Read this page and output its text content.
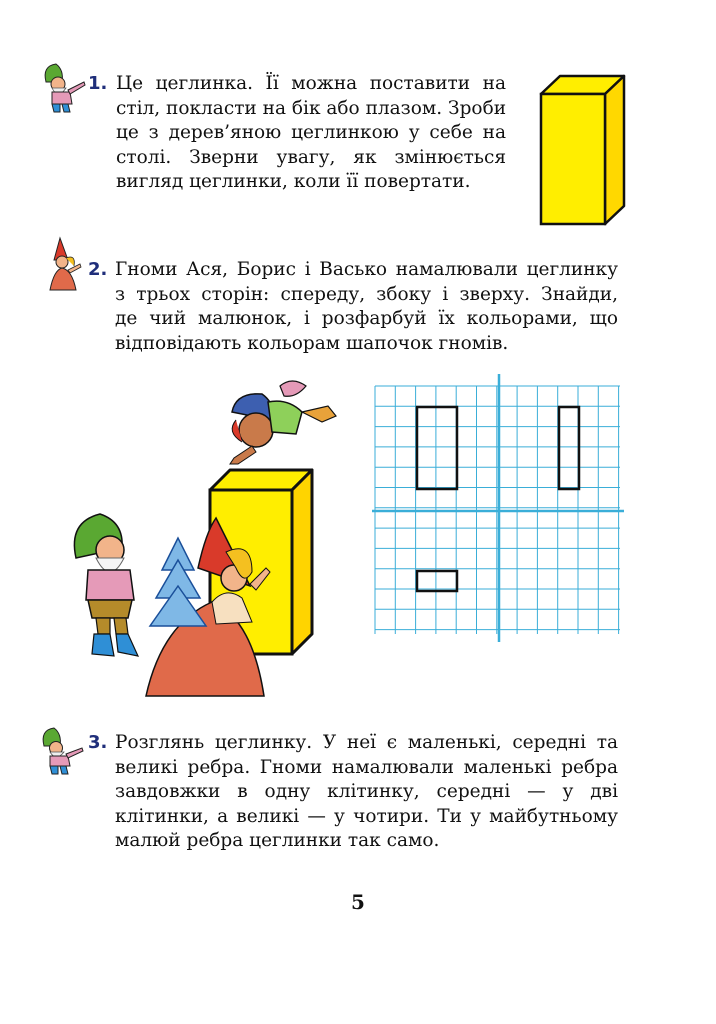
1. Це цеглинка. Її можна поставити на
стіл, покласти на бік або плазом. Зроби
це з дерев’яною цеглинкою у себе на
столі. Зверни увагу, як змінюється
вигляд цеглинки, коли її повертати.
2. Гноми Ася, Борис і Васько намалювали цеглинку
з трьох сторін: спереду, збоку і зверху. Знайди,
де чий малюнок, і розфарбуй їх кольорами, що
відповідають кольорам шапочок гномів.
3. Розглянь цеглинку. У неї є маленькі, середні та
великі ребра. Гноми намалювали маленькі ребра
завдовжки в одну клітинку, середні — у дві
клітинки, а великі — у чотири. Ти у майбутньому
малюй ребра цеглинки так само.
5
